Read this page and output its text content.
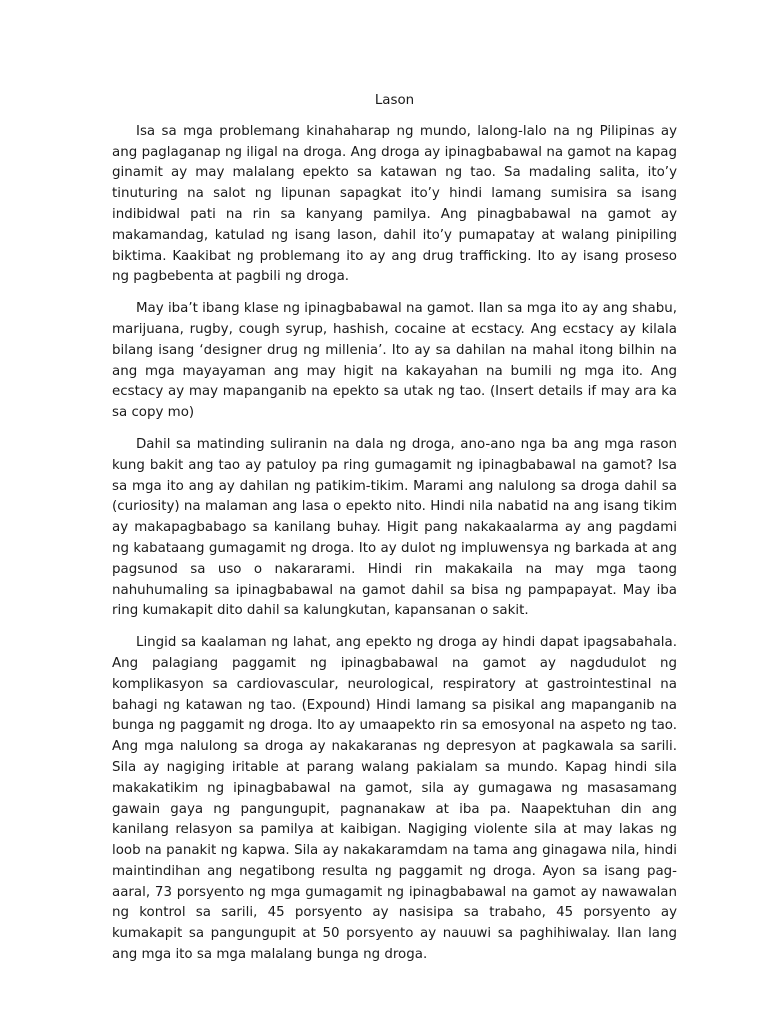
Lason

Isa sa mga problemang kinahaharap ng mundo, lalong-lalo na ng Pilipinas ay ang paglaganap ng iligal na droga. Ang droga ay ipinagbabawal na gamot na kapag ginamit ay may malalang epekto sa katawan ng tao. Sa madaling salita, ito’y tinuturing na salot ng lipunan sapagkat ito’y hindi lamang sumisira sa isang indibidwal pati na rin sa kanyang pamilya. Ang pinagbabawal na gamot ay makamandag, katulad ng isang lason, dahil ito’y pumapatay at walang pinipiling biktima. Kaakibat ng problemang ito ay ang drug trafficking. Ito ay isang proseso ng pagbebenta at pagbili ng droga.

May iba’t ibang klase ng ipinagbabawal na gamot. Ilan sa mga ito ay ang shabu, marijuana, rugby, cough syrup, hashish, cocaine at ecstacy. Ang ecstacy ay kilala bilang isang ‘designer drug ng millenia’. Ito ay sa dahilan na mahal itong bilhin na ang mga mayayaman ang may higit na kakayahan na bumili ng mga ito. Ang ecstacy ay may mapanganib na epekto sa utak ng tao. (Insert details if may ara ka sa copy mo)

Dahil sa matinding suliranin na dala ng droga, ano-ano nga ba ang mga rason kung bakit ang tao ay patuloy pa ring gumagamit ng ipinagbabawal na gamot? Isa sa mga ito ang ay dahilan ng patikim-tikim. Marami ang nalulong sa droga dahil sa (curiosity) na malaman ang lasa o epekto nito. Hindi nila nabatid na ang isang tikim ay makapagbabago sa kanilang buhay. Higit pang nakakaalarma ay ang pagdami ng kabataang gumagamit ng droga. Ito ay dulot ng impluwensya ng barkada at ang pagsunod sa uso o nakararami. Hindi rin makakaila na may mga taong nahuhumaling sa ipinagbabawal na gamot dahil sa bisa ng pampapayat. May iba ring kumakapit dito dahil sa kalungkutan, kapansanan o sakit.

Lingid sa kaalaman ng lahat, ang epekto ng droga ay hindi dapat ipagsabahala. Ang palagiang paggamit ng ipinagbabawal na gamot ay nagdudulot ng komplikasyon sa cardiovascular, neurological, respiratory at gastrointestinal na bahagi ng katawan ng tao. (Expound) Hindi lamang sa pisikal ang mapanganib na bunga ng paggamit ng droga. Ito ay umaapekto rin sa emosyonal na aspeto ng tao. Ang mga nalulong sa droga ay nakakaranas ng depresyon at pagkawala sa sarili. Sila ay nagiging iritable at parang walang pakialam sa mundo. Kapag hindi sila makakatikim ng ipinagbabawal na gamot, sila ay gumagawa ng masasamang gawain gaya ng pangungupit, pagnanakaw at iba pa. Naapektuhan din ang kanilang relasyon sa pamilya at kaibigan. Nagiging violente sila at may lakas ng loob na panakit ng kapwa. Sila ay nakakaramdam na tama ang ginagawa nila, hindi maintindihan ang negatibong resulta ng paggamit ng droga. Ayon sa isang pag-aaral, 73 porsyento ng mga gumagamit ng ipinagbabawal na gamot ay nawawalan ng kontrol sa sarili, 45 porsyento ay nasisipa sa trabaho, 45 porsyento ay kumakapit sa pangungupit at 50 porsyento ay nauuwi sa paghihiwalay. Ilan lang ang mga ito sa mga malalang bunga ng droga.
